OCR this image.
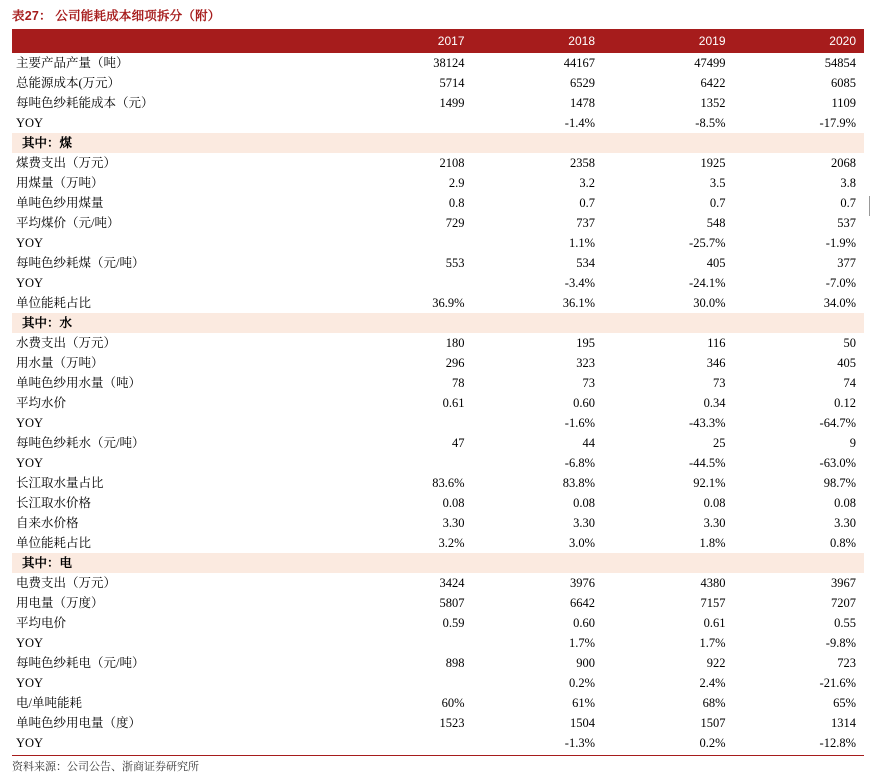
表27： 公司能耗成本细项拆分（附）
	2017	2018	2019	2020
主要产品产量（吨）	38124	44167	47499	54854
总能源成本(万元）	5714	6529	6422	6085
每吨色纱耗能成本（元）	1499	1478	1352	1109
YOY		-1.4%	-8.5%	-17.9%
其中：煤				
煤费支出（万元）	2108	2358	1925	2068
用煤量（万吨）	2.9	3.2	3.5	3.8
单吨色纱用煤量	0.8	0.7	0.7	0.7
平均煤价（元/吨）	729	737	548	537
YOY		1.1%	-25.7%	-1.9%
每吨色纱耗煤（元/吨）	553	534	405	377
YOY		-3.4%	-24.1%	-7.0%
单位能耗占比	36.9%	36.1%	30.0%	34.0%
其中：水				
水费支出（万元）	180	195	116	50
用水量（万吨）	296	323	346	405
单吨色纱用水量（吨）	78	73	73	74
平均水价	0.61	0.60	0.34	0.12
YOY		-1.6%	-43.3%	-64.7%
每吨色纱耗水（元/吨）	47	44	25	9
YOY		-6.8%	-44.5%	-63.0%
长江取水量占比	83.6%	83.8%	92.1%	98.7%
长江取水价格	0.08	0.08	0.08	0.08
自来水价格	3.30	3.30	3.30	3.30
单位能耗占比	3.2%	3.0%	1.8%	0.8%
其中：电				
电费支出（万元）	3424	3976	4380	3967
用电量（万度）	5807	6642	7157	7207
平均电价	0.59	0.60	0.61	0.55
YOY		1.7%	1.7%	-9.8%
每吨色纱耗电（元/吨）	898	900	922	723
YOY		0.2%	2.4%	-21.6%
电/单吨能耗	60%	61%	68%	65%
单吨色纱用电量（度）	1523	1504	1507	1314
YOY		-1.3%	0.2%	-12.8%
资料来源：公司公告、浙商证券研究所
